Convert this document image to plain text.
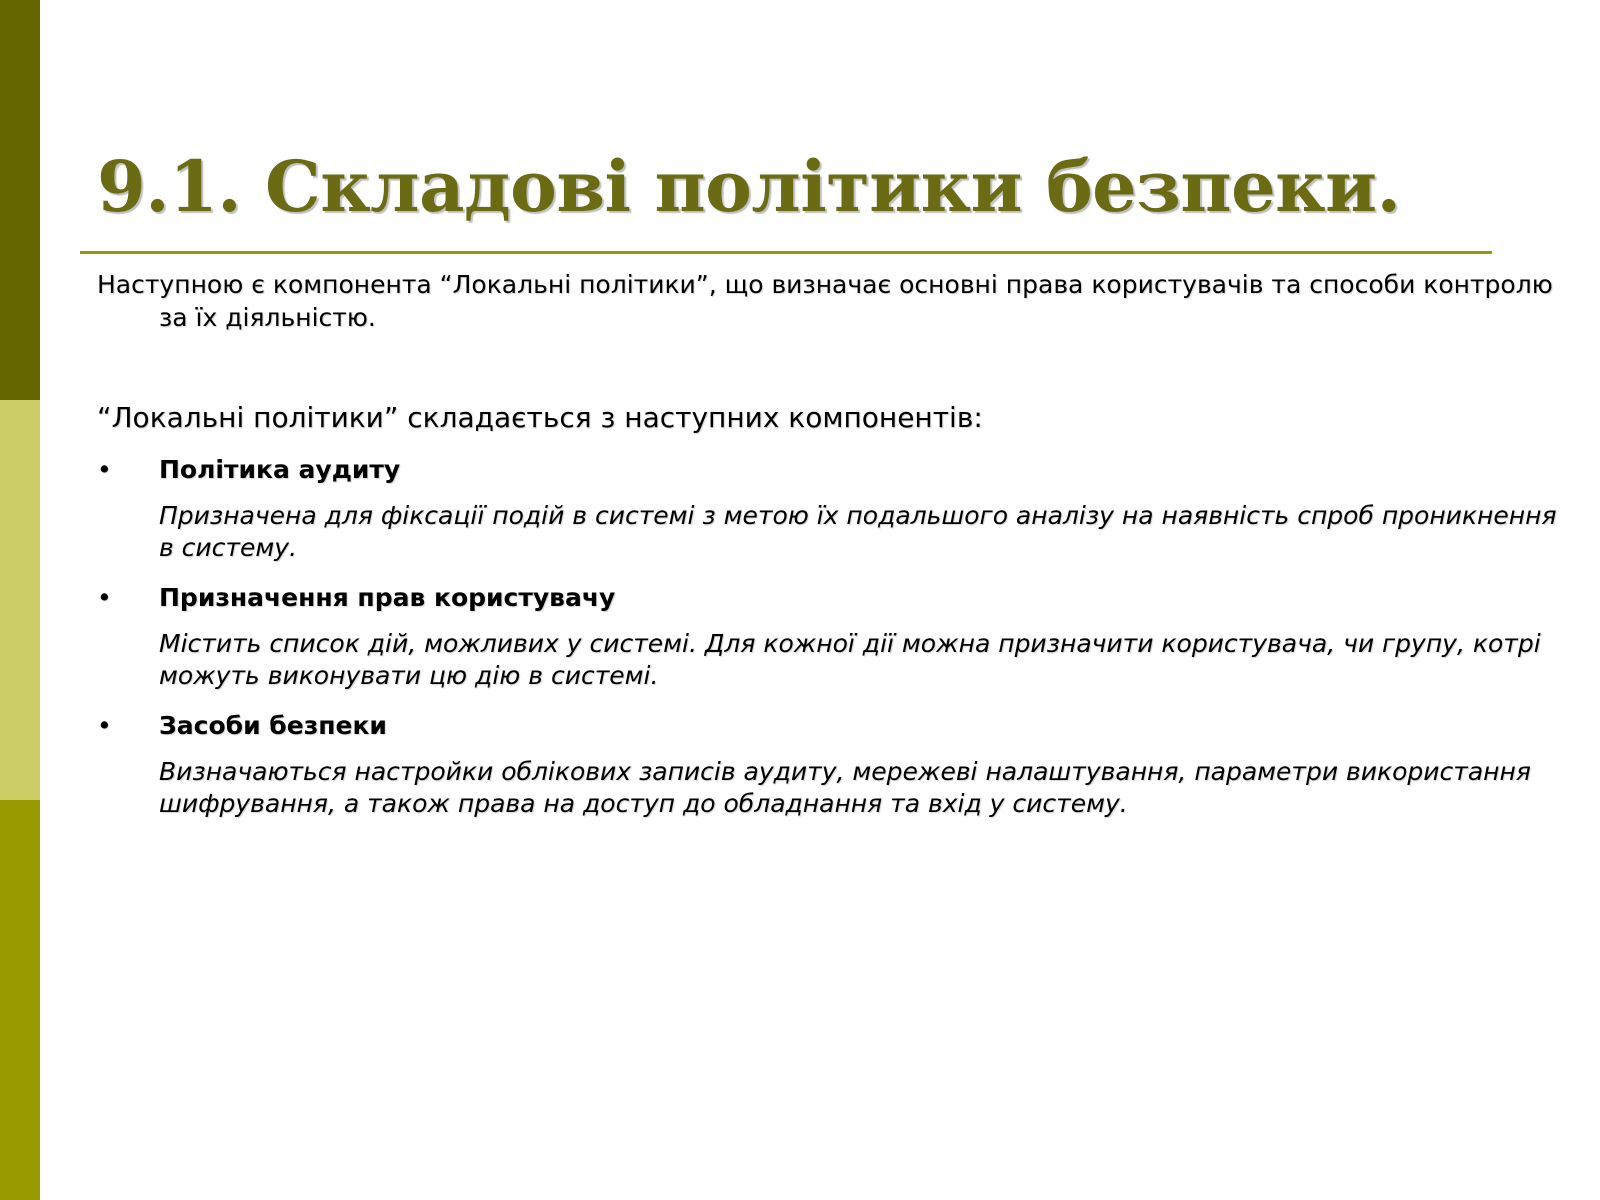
9.1. Складові політики безпеки.

Наступною є компонента “Локальні політики”, що визначає основні права користувачів та способи контролю за їх діяльністю.

“Локальні політики” складається з наступних компонентів:

•	Політика аудиту

Призначена для фіксації подій в системі з метою їх подальшого аналізу на наявність спроб проникнення в систему.

•	Призначення прав користувачу

Містить список дій, можливих у системі. Для кожної дії можна призначити користувача, чи групу, котрі можуть виконувати цю дію в системі.

•	Засоби безпеки

Визначаються настройки облікових записів аудиту, мережеві налаштування, параметри використання шифрування, а також права на доступ до обладнання та вхід у систему.
